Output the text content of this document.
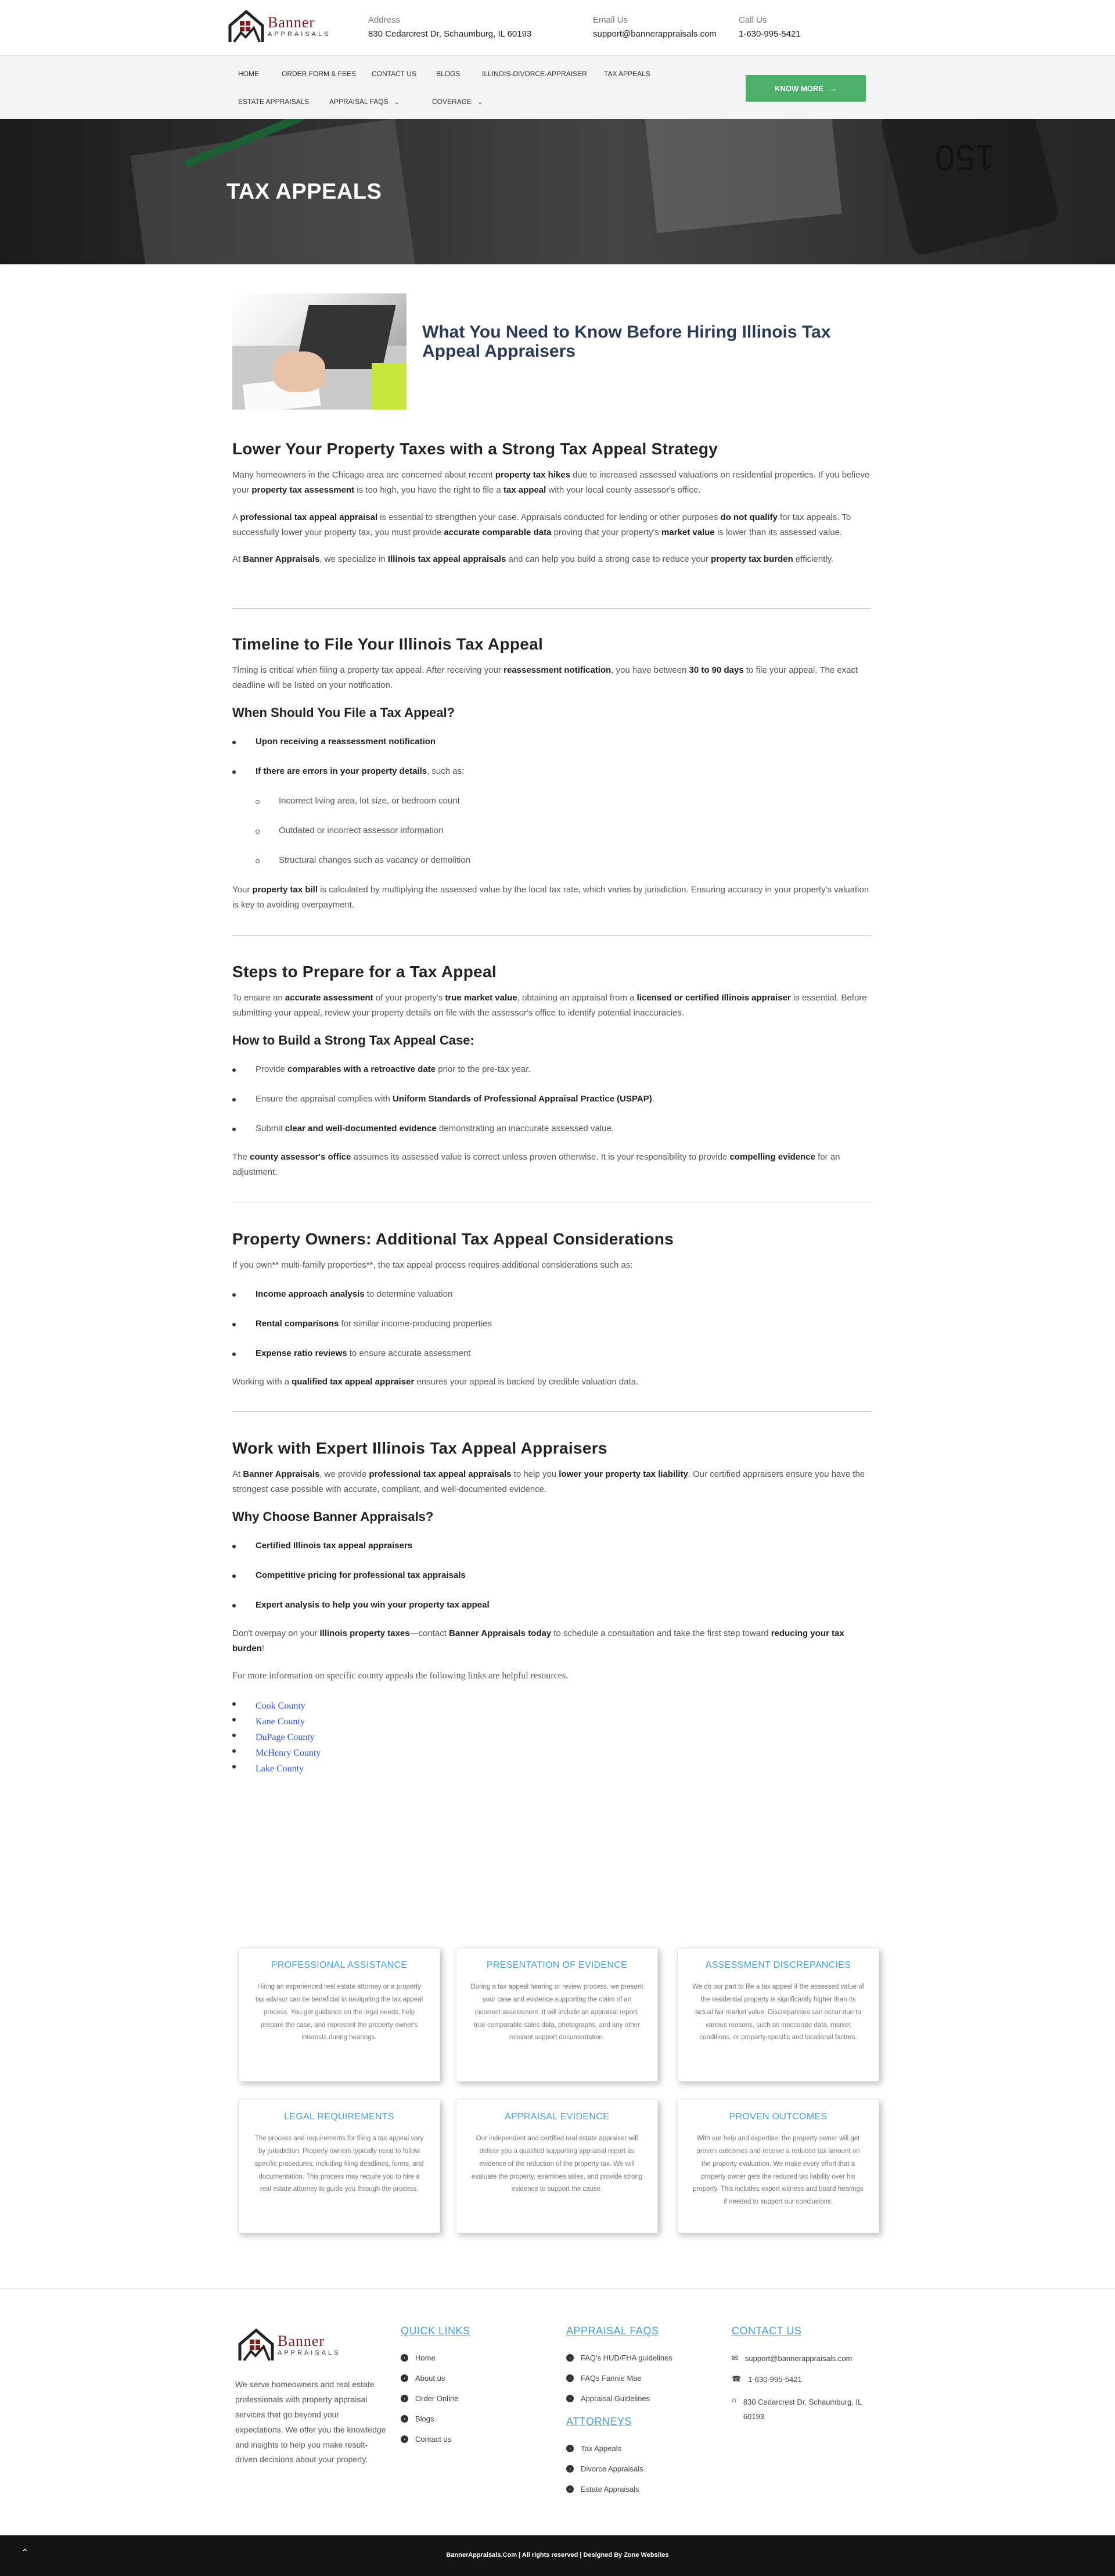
Banner
APPRAISALS
Address
830 Cedarcrest Dr, Schaumburg, IL 60193
Email Us
support@bannerappraisals.com
Call Us
1-630-995-5421
HOME	ORDER FORM & FEES CONTACT US	BLOGS	ILLINOIS-DIVORCE-APPRAISER TAX APPEALS
ESTATE APPRAISALS	APPRAISAL FAQS ⌄	COVERAGE ⌄
KNOW MORE →
150
TAX APPEALS
What You Need to Know Before Hiring Illinois Tax Appeal Appraisers
Lower Your Property Taxes with a Strong Tax Appeal Strategy

Many homeowners in the Chicago area are concerned about recent property tax hikes due to increased assessed valuations on residential properties. If you believe your property tax assessment is too high, you have the right to file a tax appeal with your local county assessor's office.

A professional tax appeal appraisal is essential to strengthen your case. Appraisals conducted for lending or other purposes do not qualify for tax appeals. To successfully lower your property tax, you must provide accurate comparable data proving that your property's market value is lower than its assessed value.

At Banner Appraisals, we specialize in Illinois tax appeal appraisals and can help you build a strong case to reduce your property tax burden efficiently.

Timeline to File Your Illinois Tax Appeal

Timing is critical when filing a property tax appeal. After receiving your reassessment notification, you have between 30 to 90 days to file your appeal. The exact deadline will be listed on your notification.

When Should You File a Tax Appeal?
Upon receiving a reassessment notification
If there are errors in your property details, such as:
Incorrect living area, lot size, or bedroom count
Outdated or incorrect assessor information
Structural changes such as vacancy or demolition

Your property tax bill is calculated by multiplying the assessed value by the local tax rate, which varies by jurisdiction. Ensuring accuracy in your property's valuation is key to avoiding overpayment.

Steps to Prepare for a Tax Appeal

To ensure an accurate assessment of your property's true market value, obtaining an appraisal from a licensed or certified Illinois appraiser is essential. Before submitting your appeal, review your property details on file with the assessor's office to identify potential inaccuracies.

How to Build a Strong Tax Appeal Case:
Provide comparables with a retroactive date prior to the pre-tax year.
Ensure the appraisal complies with Uniform Standards of Professional Appraisal Practice (USPAP).
Submit clear and well-documented evidence demonstrating an inaccurate assessed value.

The county assessor's office assumes its assessed value is correct unless proven otherwise. It is your responsibility to provide compelling evidence for an adjustment.

Property Owners: Additional Tax Appeal Considerations

If you own** multi-family properties**, the tax appeal process requires additional considerations such as:

Income approach analysis to determine valuation
Rental comparisons for similar income-producing properties
Expense ratio reviews to ensure accurate assessment

Working with a qualified tax appeal appraiser ensures your appeal is backed by credible valuation data.

Work with Expert Illinois Tax Appeal Appraisers

At Banner Appraisals, we provide professional tax appeal appraisals to help you lower your property tax liability. Our certified appraisers ensure you have the strongest case possible with accurate, compliant, and well-documented evidence.

Why Choose Banner Appraisals?
Certified Illinois tax appeal appraisers
Competitive pricing for professional tax appraisals
Expert analysis to help you win your property tax appeal

Don't overpay on your Illinois property taxes—contact Banner Appraisals today to schedule a consultation and take the first step toward reducing your tax burden!

For more information on specific county appeals the following links are helpful resources.

Cook County
Kane County
DuPage County
McHenry County
Lake County
PROFESSIONAL ASSISTANCE

Hiring an experienced real estate attorney or a property tax advisor can be beneficial in navigating the tax appeal process. You get guidance on the legal needs, help prepare the case, and represent the property owner's interests during hearings.

PRESENTATION OF EVIDENCE

During a tax appeal hearing or review process, we present your case and evidence supporting the claim of an incorrect assessment. It will include an appraisal report, true comparable sales data, photographs, and any other relevant support documentation.

ASSESSMENT DISCREPANCIES

We do our part to file a tax appeal if the assessed value of the residential property is significantly higher than its actual fair market value. Discrepancies can occur due to various reasons, such as inaccurate data, market conditions, or property-specific and locational factors.

LEGAL REQUIREMENTS

The process and requirements for filing a tax appeal vary by jurisdiction. Property owners typically need to follow specific procedures, including filing deadlines, forms, and documentation. This process may require you to hire a real estate attorney to guide you through the process.

APPRAISAL EVIDENCE

Our independent and certified real estate appraiser will deliver you a qualified supporting appraisal report as evidence of the reduction of the property tax. We will evaluate the property, examines sales, and provide strong evidence to support the cause.

PROVEN OUTCOMES

With our help and expertise, the property owner will get proven outcomes and receive a reduced tax amount on the property evaluation. We make every effort that a property owner gets the reduced tax liability over his property. This includes expert witness and board hearings if needed to support our conclusions.

Banner
APPRAISALS
We serve homeowners and real estate professionals with property appraisal services that go beyond your expectations. We offer you the knowledge and insights to help you make result-driven decisions about your property.
QUICK LINKS
›	Home
›	About us
›	Order Online
›	Blogs
›	Contact us
APPRAISAL FAQS
›	FAQ's HUD/FHA guidelines
›	FAQs Fannie Mae
›	Appraisal Guidelines
ATTORNEYS
›	Tax Appeals
›	Divorce Appraisals
›	Estate Appraisals
CONTACT US
✉ support@bannerappraisals.com
☎ 1-630-995-5421
⌂ 830 Cedarcrest Dr, Schaumburg, IL 60193
⌃	BannerAppraisals.Com | All rights reserved | Designed By Zone Websites
